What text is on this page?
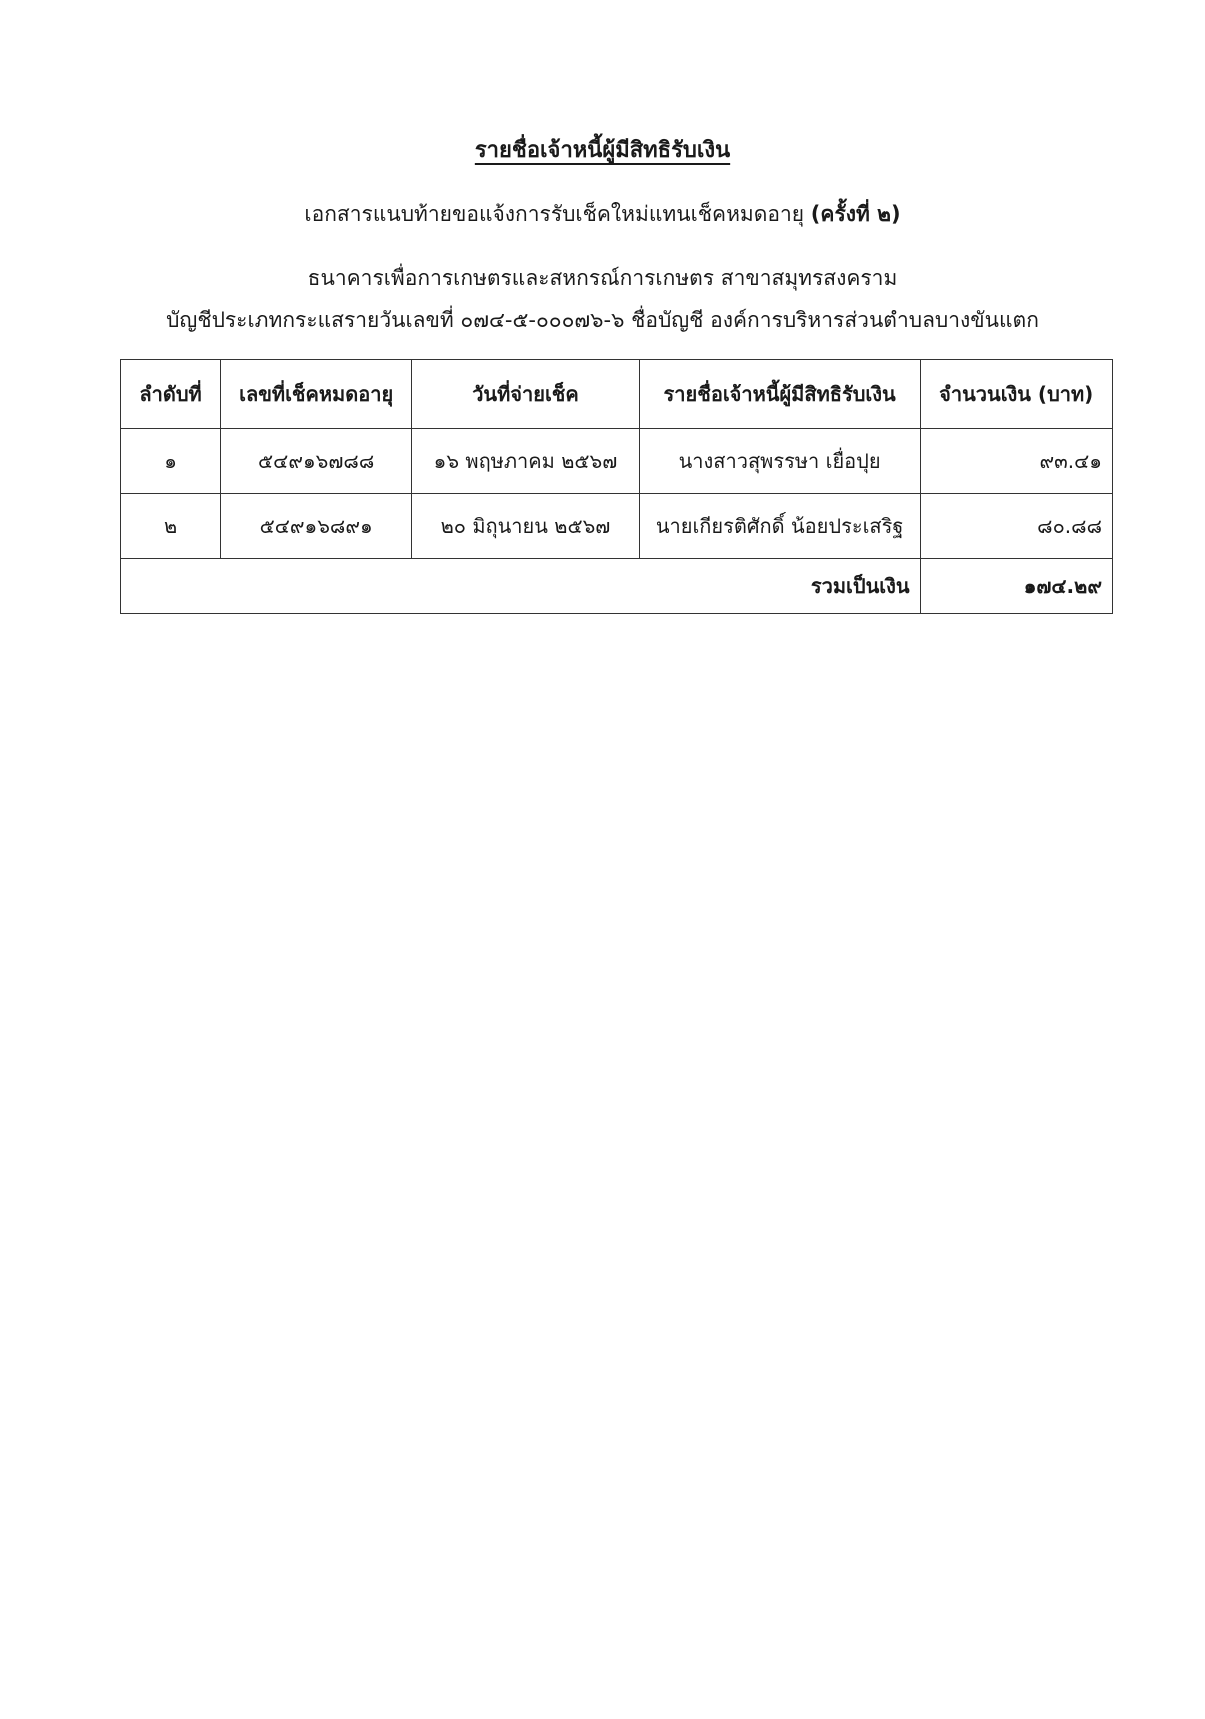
รายชื่อเจ้าหนี้ผู้มีสิทธิรับเงิน
เอกสารแนบท้ายขอแจ้งการรับเช็คใหม่แทนเช็คหมดอายุ (ครั้งที่ ๒)
ธนาคารเพื่อการเกษตรและสหกรณ์การเกษตร สาขาสมุทรสงคราม
บัญชีประเภทกระแสรายวันเลขที่ ๐๗๔-๕-๐๐๐๗๖-๖ ชื่อบัญชี องค์การบริหารส่วนตำบลบางขันแตก
ลำดับที่	เลขที่เช็คหมดอายุ	วันที่จ่ายเช็ค	รายชื่อเจ้าหนี้ผู้มีสิทธิรับเงิน	จำนวนเงิน (บาท)
๑	๕๔๙๑๖๗๘๘	๑๖ พฤษภาคม ๒๕๖๗	นางสาวสุพรรษา เยื่อปุย	๙๓.๔๑
๒	๕๔๙๑๖๘๙๑	๒๐ มิถุนายน ๒๕๖๗	นายเกียรติศักดิ์ น้อยประเสริฐ	๘๐.๘๘
รวมเป็นเงิน				๑๗๔.๒๙
